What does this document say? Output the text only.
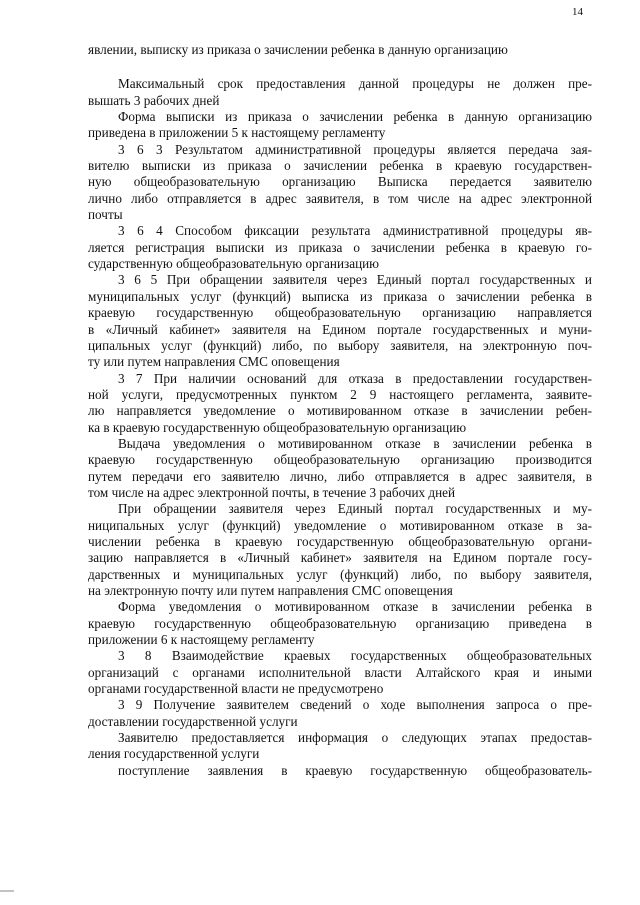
14
явлении, выписку из приказа о зачислении ребенка в данную организацию
Максимальный срок предоставления данной процедуры не должен пре-
вышать 3 рабочих дней
Форма выписки из приказа о зачислении ребенка в данную организацию
приведена в приложении 5 к настоящему регламенту
3 6 3 Результатом административной процедуры является передача зая-
вителю выписки из приказа о зачислении ребенка в краевую государствен-
ную общеобразовательную организацию Выписка передается заявителю
лично либо отправляется в адрес заявителя, в том числе на адрес электронной
почты
3 6 4 Способом фиксации результата административной процедуры яв-
ляется регистрация выписки из приказа о зачислении ребенка в краевую го-
сударственную общеобразовательную организацию
3 6 5 При обращении заявителя через Единый портал государственных и
муниципальных услуг (функций) выписка из приказа о зачислении ребенка в
краевую государственную общеобразовательную организацию направляется
в «Личный кабинет» заявителя на Едином портале государственных и муни-
ципальных услуг (функций) либо, по выбору заявителя, на электронную поч-
ту или путем направления СМС оповещения
3 7 При наличии оснований для отказа в предоставлении государствен-
ной услуги, предусмотренных пунктом 2 9 настоящего регламента, заявите-
лю направляется уведомление о мотивированном отказе в зачислении ребен-
ка в краевую государственную общеобразовательную организацию
Выдача уведомления о мотивированном отказе в зачислении ребенка в
краевую государственную общеобразовательную организацию производится
путем передачи его заявителю лично, либо отправляется в адрес заявителя, в
том числе на адрес электронной почты, в течение 3 рабочих дней
При обращении заявителя через Единый портал государственных и му-
ниципальных услуг (функций) уведомление о мотивированном отказе в за-
числении ребенка в краевую государственную общеобразовательную органи-
зацию направляется в «Личный кабинет» заявителя на Едином портале госу-
дарственных и муниципальных услуг (функций) либо, по выбору заявителя,
на электронную почту или путем направления СМС оповещения
Форма уведомления о мотивированном отказе в зачислении ребенка в
краевую государственную общеобразовательную организацию приведена в
приложении 6 к настоящему регламенту
3 8 Взаимодействие краевых государственных общеобразовательных
организаций с органами исполнительной власти Алтайского края и иными
органами государственной власти не предусмотрено
3 9 Получение заявителем сведений о ходе выполнения запроса о пре-
доставлении государственной услуги
Заявителю предоставляется информация о следующих этапах предостав-
ления государственной услуги
поступление заявления в краевую государственную общеобразователь-
